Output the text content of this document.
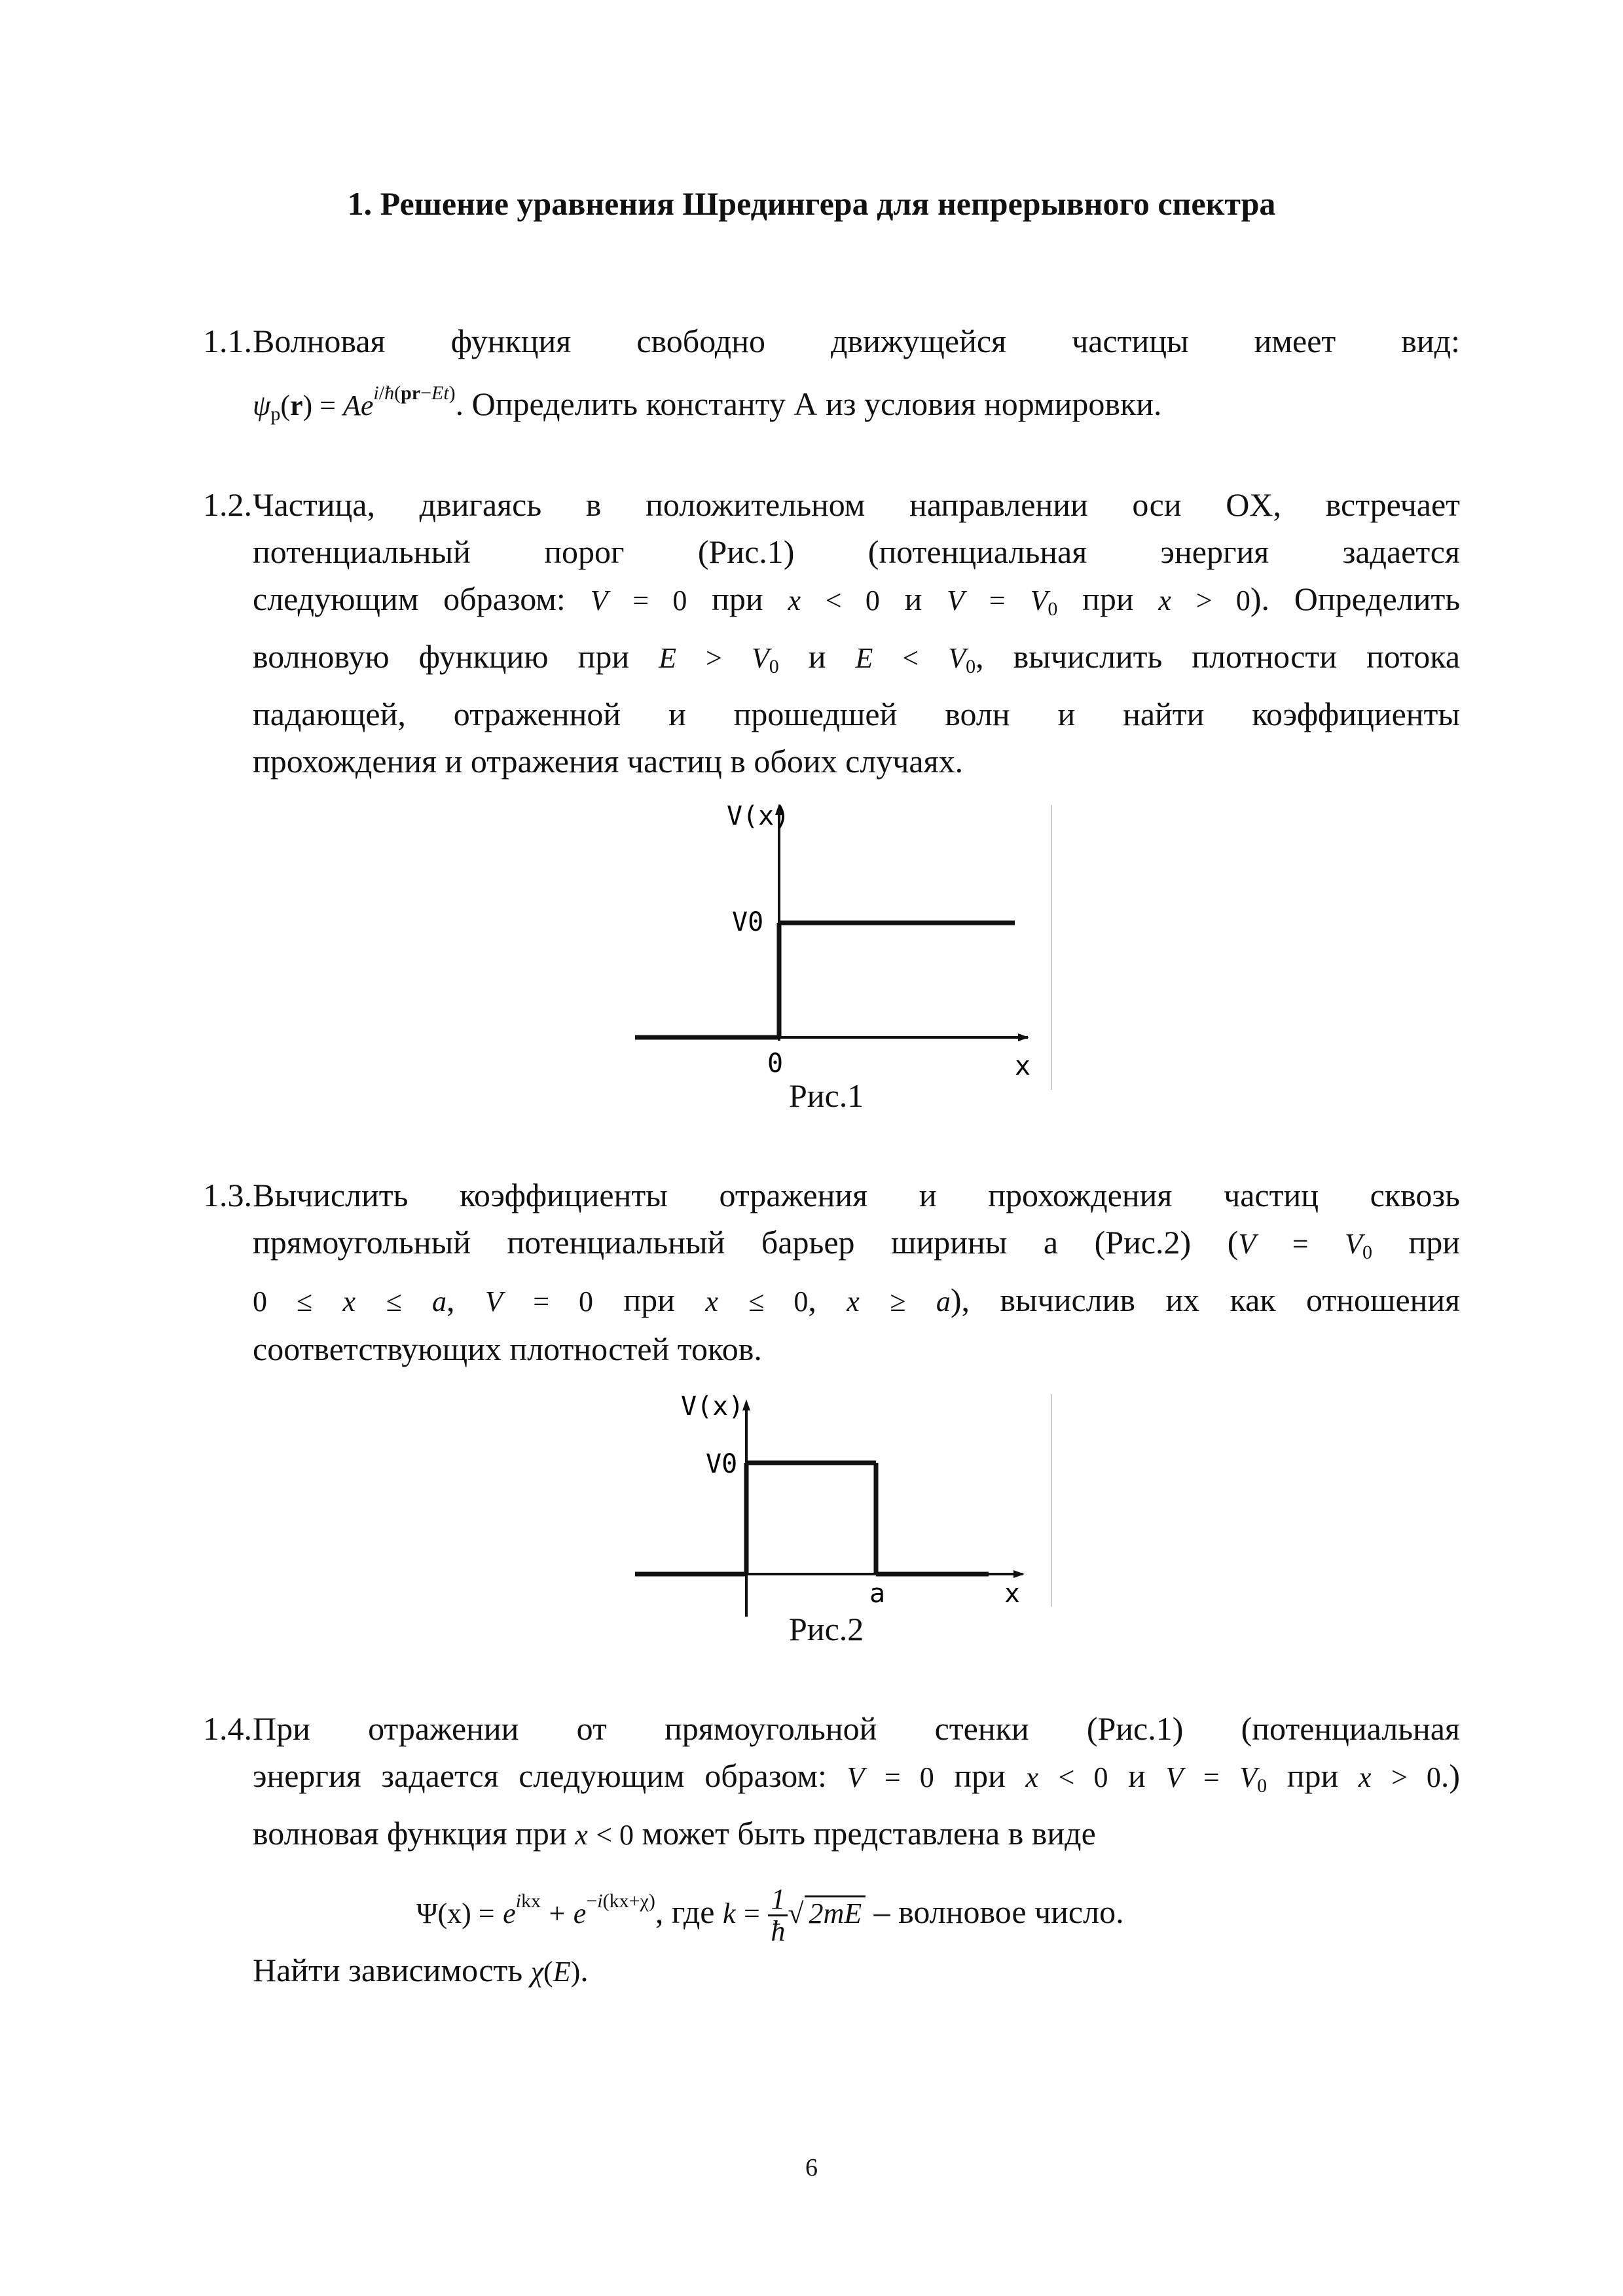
1. Решение уравнения Шредингера для непрерывного спектра
1.1. Волновая функция свободно движущейся частицы имеет вид:
$\psi_p(r) = Ae^{i/ħ(pr-Et)}$. Определить константу А из условия нормировки.
1.2. Частица, двигаясь в положительном направлении оси OX, встречает
потенциальный порог (Рис.1) (потенциальная энергия задается
следующим образом: V = 0 при x < 0 и $V = V_0$ при x > 0). Определить
волновую функцию при $E > V_0$ и $E < V_0$, вычислить плотности потока
падающей, отраженной и прошедшей волн и найти коэффициенты
прохождения и отражения частиц в обоих случаях.
V(x)
V0
0	x
Рис.1
1.3. Вычислить коэффициенты отражения и прохождения частиц сквозь
прямоугольный потенциальный барьер ширины а (Рис.2) ($V = V_0$ при
0 ≤ x ≤ a, V = 0 при x ≤ 0, x ≥ a), вычислив их как отношения
соответствующих плотностей токов.
V(x)
V0
a	x
Рис.2
1.4. При отражении от прямоугольной стенки (Рис.1) (потенциальная
энергия задается следующим образом: V = 0 при x < 0 и $V = V_0$ при x > 0.)
волновая функция при x < 0 может быть представлена в виде
$\Psi(x) = e^{ikx} + e^{-i(kx+\chi)}$, где $k = \frac{1}{ħ}$ √ 2mE – волновое число.
Найти зависимость χ(E).
6
